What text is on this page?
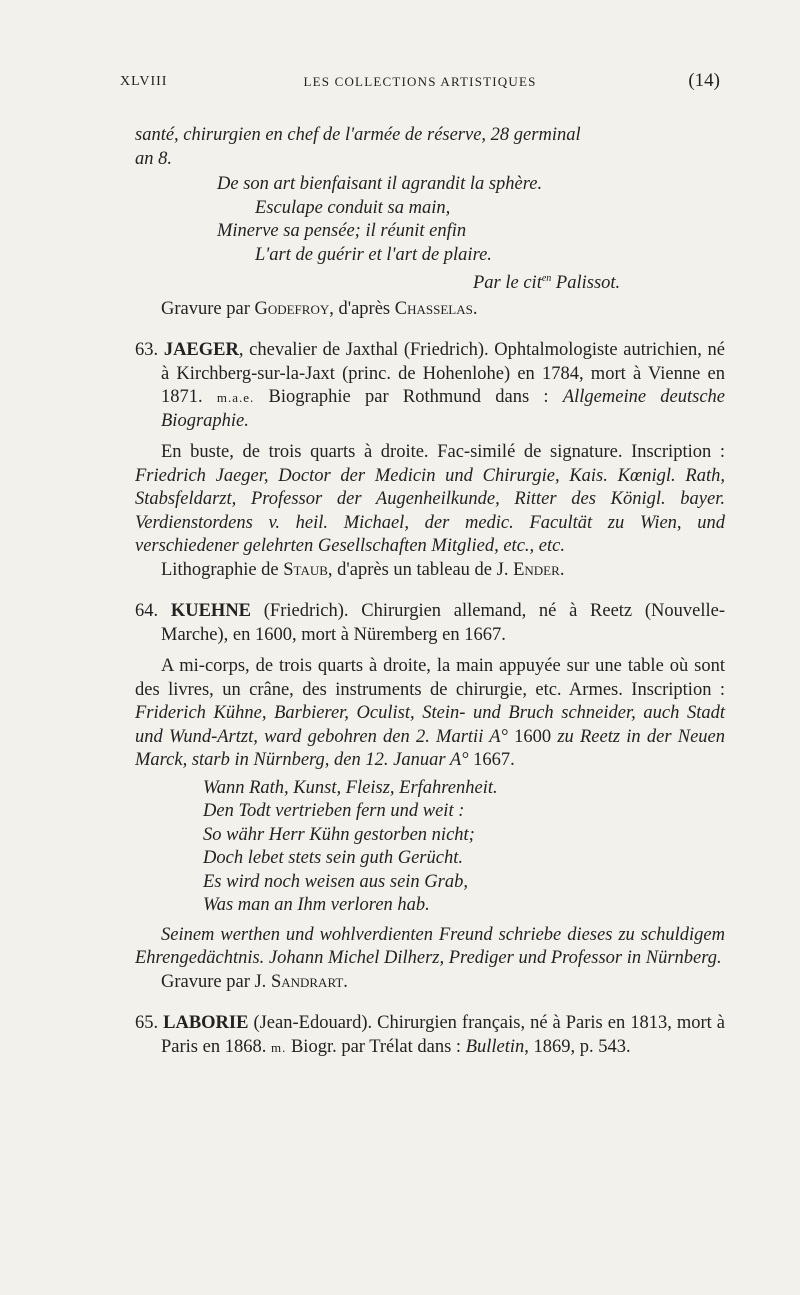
XLVIII	LES COLLECTIONS ARTISTIQUES	(14)

santé, chirurgien en chef de l'armée de réserve, 28 germinal

an 8.

De son art bienfaisant il agrandit la sphère.
Esculape conduit sa main,
Minerve sa pensée; il réunit enfin
L'art de guérir et l'art de plaire.
Par le cit$^{en}$ Palissot.

Gravure par Godefroy, d'après Chasselas.

63. JAEGER, chevalier de Jaxthal (Friedrich). Ophtalmologiste autrichien, né à Kirchberg-sur-la-Jaxt (princ. de Hohenlohe) en 1784, mort à Vienne en 1871. m.a.e. Biographie par Rothmund dans : Allgemeine deutsche Biographie.

En buste, de trois quarts à droite. Fac-similé de signature. Inscription : Friedrich Jaeger, Doctor der Medicin und Chirurgie, Kais. Kœnigl. Rath, Stabsfeldarzt, Professor der Augenheilkunde, Ritter des Königl. bayer. Verdienstordens v. heil. Michael, der medic. Facultät zu Wien, und verschiedener gelehrten Gesellschaften Mitglied, etc., etc.

Lithographie de Staub, d'après un tableau de J. Ender.

64. KUEHNE (Friedrich). Chirurgien allemand, né à Reetz (Nouvelle-Marche), en 1600, mort à Nüremberg en 1667.

A mi-corps, de trois quarts à droite, la main appuyée sur une table où sont des livres, un crâne, des instruments de chirurgie, etc. Armes. Inscription : Friderich Kühne, Barbierer, Oculist, Stein- und Bruch schneider, auch Stadt und Wund-Artzt, ward gebohren den 2. Martii A° 1600 zu Reetz in der Neuen Marck, starb in Nürnberg, den 12. Januar A° 1667.

Wann Rath, Kunst, Fleisz, Erfahrenheit.
Den Todt vertrieben fern und weit :
So währ Herr Kühn gestorben nicht;
Doch lebet stets sein guth Gerücht.
Es wird noch weisen aus sein Grab,
Was man an Ihm verloren hab.

Seinem werthen und wohlverdienten Freund schriebe dieses zu schuldigem Ehrengedächtnis. Johann Michel Dilherz, Prediger und Professor in Nürnberg.

Gravure par J. Sandrart.

65. LABORIE (Jean-Edouard). Chirurgien français, né à Paris en 1813, mort à Paris en 1868. m. Biogr. par Trélat dans : Bulletin, 1869, p. 543.
